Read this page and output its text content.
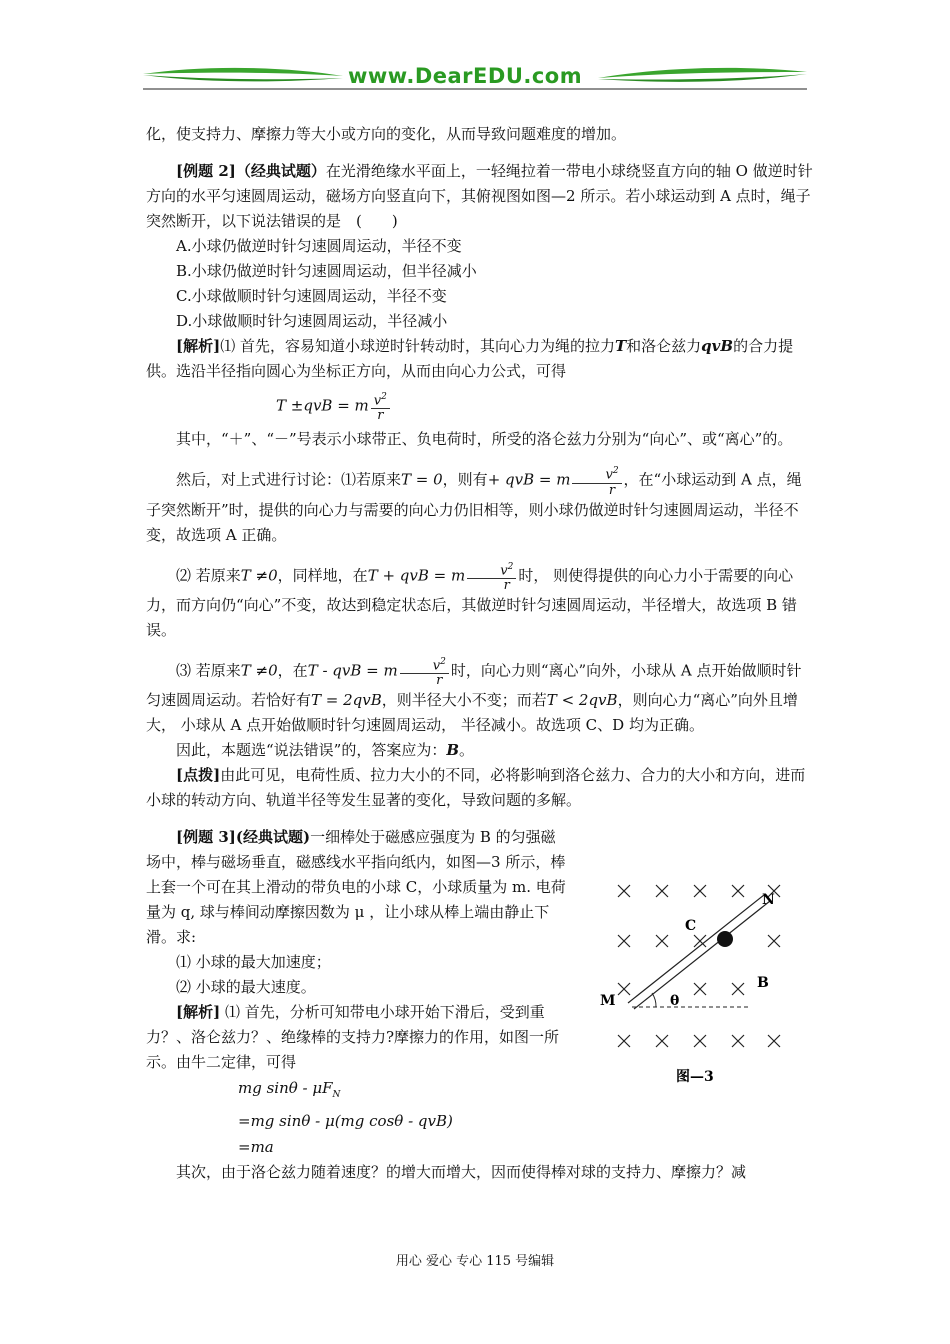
www.DearEDU.com

化，使支持力、摩擦力等大小或方向的变化，从而导致问题难度的增加。

[例题 2]（经典试题）在光滑绝缘水平面上，一轻绳拉着一带电小球绕竖直方向的轴 O 做逆时针方向的水平匀速圆周运动，磁场方向竖直向下，其俯视图如图—2 所示。若小球运动到 A 点时，绳子突然断开，以下说法错误的是　(　　)

A.小球仍做逆时针匀速圆周运动，半径不变

B.小球仍做逆时针匀速圆周运动，但半径减小

C.小球做顺时针匀速圆周运动，半径不变

D.小球做顺时针匀速圆周运动，半径减小

[解析]⑴ 首先，容易知道小球逆时针转动时，其向心力为绳的拉力T和洛仑兹力qvB的合力提供。选沿半径指向圆心为坐标正方向，从而由向心力公式，可得

T ±qvB = m $\frac{v^2}{r}$

其中，“＋”、“－”号表示小球带正、负电荷时，所受的洛仑兹力分别为“向心”、或“离心”的。

然后，对上式进行讨论：⑴若原来T = 0，则有+ qvB = m $\frac{v^2}{r}$ ，在“小球运动到 A 点，绳子突然断开”时，提供的向心力与需要的向心力仍旧相等，则小球仍做逆时针匀速圆周运动，半径不变，故选项 A 正确。

⑵ 若原来T ≠0，同样地，在T + qvB = m $\frac{v^2}{r}$ 时， 则使得提供的向心力小于需要的向心力，而方向仍“向心”不变，故达到稳定状态后，其做逆时针匀速圆周运动，半径增大，故选项 B 错误。

⑶ 若原来T ≠0，在T - qvB = m $\frac{v^2}{r}$ 时，向心力则“离心”向外，小球从 A 点开始做顺时针匀速圆周运动。若恰好有T = 2qvB，则半径大小不变；而若T < 2qvB，则向心力“离心”向外且增大， 小球从 A 点开始做顺时针匀速圆周运动， 半径减小。故选项 C、D 均为正确。

因此，本题选“说法错误”的，答案应为：B。

[点拨]由此可见，电荷性质、拉力大小的不同，必将影响到洛仑兹力、合力的大小和方向，进而小球的转动方向、轨道半径等发生显著的变化，导致问题的多解。

[例题 3](经典试题)一细棒处于磁感应强度为 B 的匀强磁场中，棒与磁场垂直，磁感线水平指向纸内，如图—3 所示，棒上套一个可在其上滑动的带负电的小球 C，小球质量为 m. 电荷量为 q, 球与棒间动摩擦因数为 μ ，让小球从棒上端由静止下滑。求:

⑴ 小球的最大加速度；

⑵ 小球的最大速度。

[解析] ⑴ 首先，分析可知带电小球开始下滑后，受到重力？、洛仑兹力？、绝缘棒的支持力?摩擦力的作用，如图一所示。由牛二定律，可得

mg sinθ - $\mu F_N$

=mg sinθ - μ(mg cosθ - qvB)

=ma

其次，由于洛仑兹力随着速度？的增大而增大，因而使得棒对球的支持力、摩擦力？减

N
C
B
M	θ
图—3
用心 爱心 专心 115 号编辑
